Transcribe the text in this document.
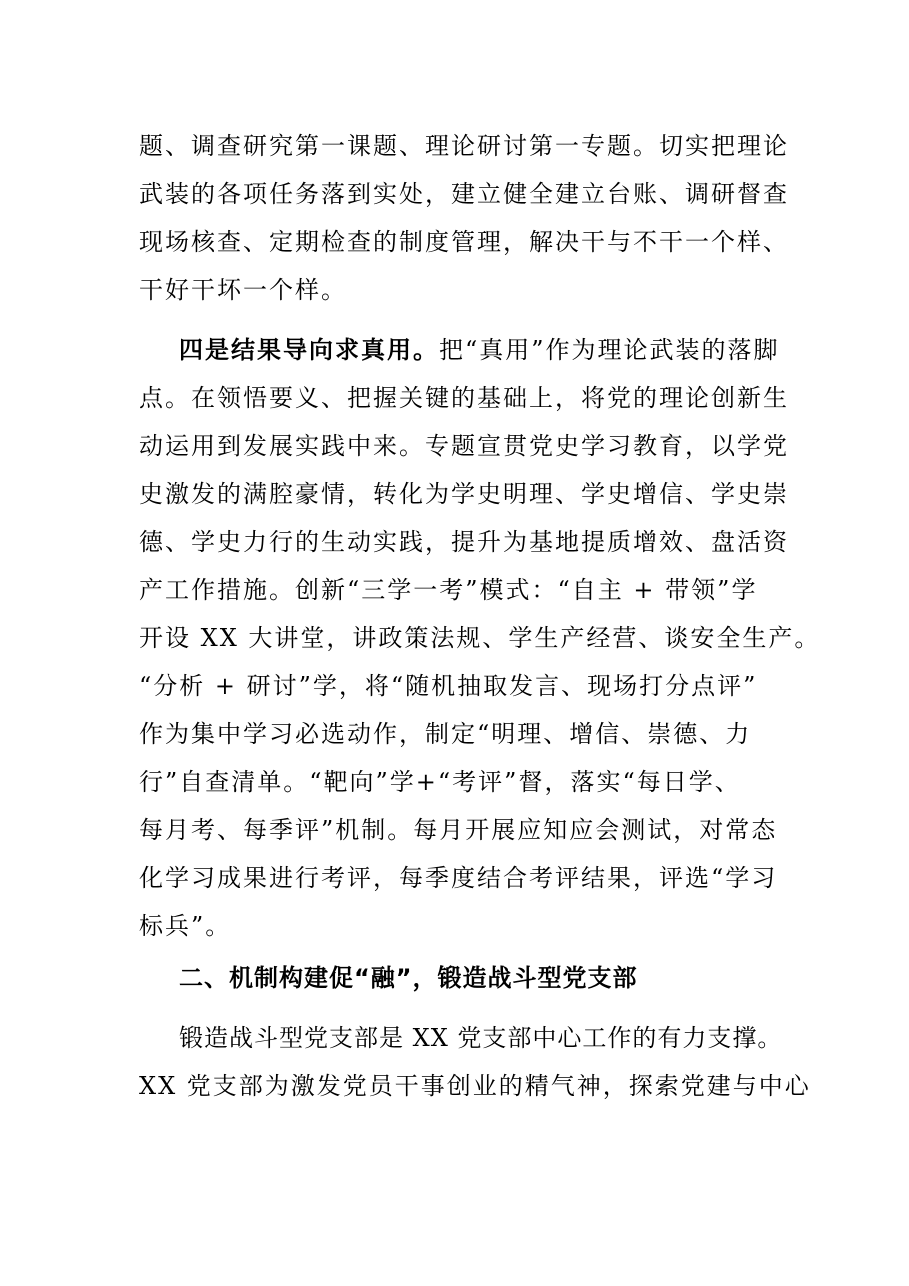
题、调查研究第一课题、理论研讨第一专题。切实把理论
武装的各项任务落到实处，建立健全建立台账、调研督查
现场核查、定期检查的制度管理，解决干与不干一个样、
干好干坏一个样。
四是结果导向求真用。把“真用”作为理论武装的落脚
点。在领悟要义、把握关键的基础上，将党的理论创新生
动运用到发展实践中来。专题宣贯党史学习教育，以学党
史激发的满腔豪情，转化为学史明理、学史增信、学史崇
德、学史力行的生动实践，提升为基地提质增效、盘活资
产工作措施。创新“三学一考”模式：“自主 + 带领”学
开设 XX 大讲堂，讲政策法规、学生产经营、谈安全生产。
“分析 + 研讨”学，将“随机抽取发言、现场打分点评”
作为集中学习必选动作，制定“明理、增信、崇德、力
行”自查清单。“靶向”学+“考评”督，落实“每日学、
每月考、每季评”机制。每月开展应知应会测试，对常态
化学习成果进行考评，每季度结合考评结果，评选“学习
标兵”。
二、机制构建促“融”，锻造战斗型党支部
锻造战斗型党支部是 XX 党支部中心工作的有力支撑。
XX 党支部为激发党员干事创业的精气神，探索党建与中心
